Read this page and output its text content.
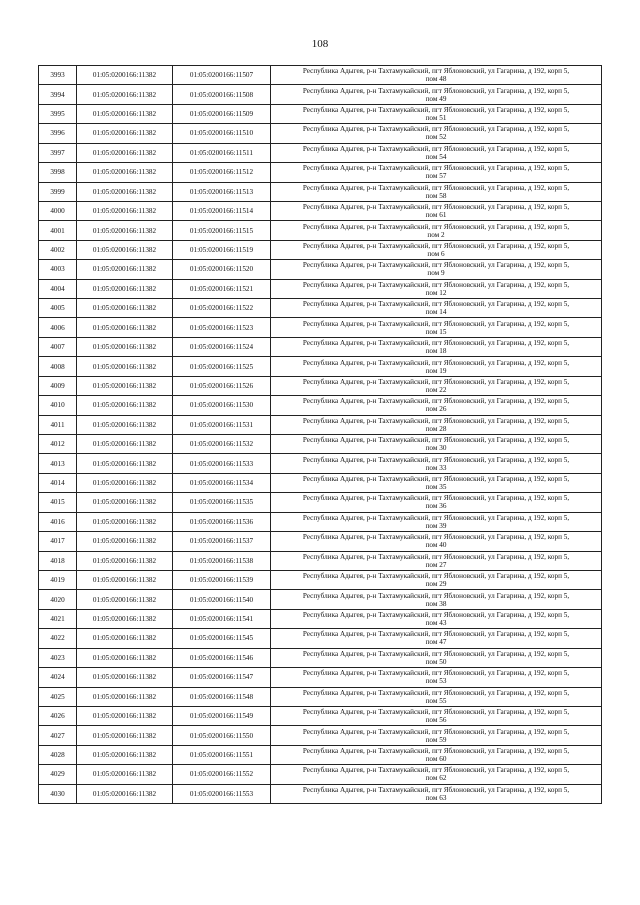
108
3993	01:05:0200166:11382	01:05:0200166:11507	Республика Адыгея, р-н Тахтамукайский, пгт Яблоновский, ул Гагарина, д 192, корп 5,
пом 48

3994	01:05:0200166:11382	01:05:0200166:11508	Республика Адыгея, р-н Тахтамукайский, пгт Яблоновский, ул Гагарина, д 192, корп 5,
пом 49

3995	01:05:0200166:11382	01:05:0200166:11509	Республика Адыгея, р-н Тахтамукайский, пгт Яблоновский, ул Гагарина, д 192, корп 5,
пом 51

3996	01:05:0200166:11382	01:05:0200166:11510	Республика Адыгея, р-н Тахтамукайский, пгт Яблоновский, ул Гагарина, д 192, корп 5,
пом 52

3997	01:05:0200166:11382	01:05:0200166:11511	Республика Адыгея, р-н Тахтамукайский, пгт Яблоновский, ул Гагарина, д 192, корп 5,
пом 54

3998	01:05:0200166:11382	01:05:0200166:11512	Республика Адыгея, р-н Тахтамукайский, пгт Яблоновский, ул Гагарина, д 192, корп 5,
пом 57

3999	01:05:0200166:11382	01:05:0200166:11513	Республика Адыгея, р-н Тахтамукайский, пгт Яблоновский, ул Гагарина, д 192, корп 5,
пом 58

4000	01:05:0200166:11382	01:05:0200166:11514	Республика Адыгея, р-н Тахтамукайский, пгт Яблоновский, ул Гагарина, д 192, корп 5,
пом 61

4001	01:05:0200166:11382	01:05:0200166:11515	Республика Адыгея, р-н Тахтамукайский, пгт Яблоновский, ул Гагарина, д 192, корп 5,
пом 2

4002	01:05:0200166:11382	01:05:0200166:11519	Республика Адыгея, р-н Тахтамукайский, пгт Яблоновский, ул Гагарина, д 192, корп 5,
пом 6

4003	01:05:0200166:11382	01:05:0200166:11520	Республика Адыгея, р-н Тахтамукайский, пгт Яблоновский, ул Гагарина, д 192, корп 5,
пом 9

4004	01:05:0200166:11382	01:05:0200166:11521	Республика Адыгея, р-н Тахтамукайский, пгт Яблоновский, ул Гагарина, д 192, корп 5,
пом 12

4005	01:05:0200166:11382	01:05:0200166:11522	Республика Адыгея, р-н Тахтамукайский, пгт Яблоновский, ул Гагарина, д 192, корп 5,
пом 14

4006	01:05:0200166:11382	01:05:0200166:11523	Республика Адыгея, р-н Тахтамукайский, пгт Яблоновский, ул Гагарина, д 192, корп 5,
пом 15

4007	01:05:0200166:11382	01:05:0200166:11524	Республика Адыгея, р-н Тахтамукайский, пгт Яблоновский, ул Гагарина, д 192, корп 5,
пом 18

4008	01:05:0200166:11382	01:05:0200166:11525	Республика Адыгея, р-н Тахтамукайский, пгт Яблоновский, ул Гагарина, д 192, корп 5,
пом 19

4009	01:05:0200166:11382	01:05:0200166:11526	Республика Адыгея, р-н Тахтамукайский, пгт Яблоновский, ул Гагарина, д 192, корп 5,
пом 22

4010	01:05:0200166:11382	01:05:0200166:11530	Республика Адыгея, р-н Тахтамукайский, пгт Яблоновский, ул Гагарина, д 192, корп 5,
пом 26

4011	01:05:0200166:11382	01:05:0200166:11531	Республика Адыгея, р-н Тахтамукайский, пгт Яблоновский, ул Гагарина, д 192, корп 5,
пом 28

4012	01:05:0200166:11382	01:05:0200166:11532	Республика Адыгея, р-н Тахтамукайский, пгт Яблоновский, ул Гагарина, д 192, корп 5,
пом 30

4013	01:05:0200166:11382	01:05:0200166:11533	Республика Адыгея, р-н Тахтамукайский, пгт Яблоновский, ул Гагарина, д 192, корп 5,
пом 33

4014	01:05:0200166:11382	01:05:0200166:11534	Республика Адыгея, р-н Тахтамукайский, пгт Яблоновский, ул Гагарина, д 192, корп 5,
пом 35

4015	01:05:0200166:11382	01:05:0200166:11535	Республика Адыгея, р-н Тахтамукайский, пгт Яблоновский, ул Гагарина, д 192, корп 5,
пом 36

4016	01:05:0200166:11382	01:05:0200166:11536	Республика Адыгея, р-н Тахтамукайский, пгт Яблоновский, ул Гагарина, д 192, корп 5,
пом 39

4017	01:05:0200166:11382	01:05:0200166:11537	Республика Адыгея, р-н Тахтамукайский, пгт Яблоновский, ул Гагарина, д 192, корп 5,
пом 40

4018	01:05:0200166:11382	01:05:0200166:11538	Республика Адыгея, р-н Тахтамукайский, пгт Яблоновский, ул Гагарина, д 192, корп 5,
пом 27

4019	01:05:0200166:11382	01:05:0200166:11539	Республика Адыгея, р-н Тахтамукайский, пгт Яблоновский, ул Гагарина, д 192, корп 5,
пом 29

4020	01:05:0200166:11382	01:05:0200166:11540	Республика Адыгея, р-н Тахтамукайский, пгт Яблоновский, ул Гагарина, д 192, корп 5,
пом 38

4021	01:05:0200166:11382	01:05:0200166:11541	Республика Адыгея, р-н Тахтамукайский, пгт Яблоновский, ул Гагарина, д 192, корп 5,
пом 43

4022	01:05:0200166:11382	01:05:0200166:11545	Республика Адыгея, р-н Тахтамукайский, пгт Яблоновский, ул Гагарина, д 192, корп 5,
пом 47

4023	01:05:0200166:11382	01:05:0200166:11546	Республика Адыгея, р-н Тахтамукайский, пгт Яблоновский, ул Гагарина, д 192, корп 5,
пом 50

4024	01:05:0200166:11382	01:05:0200166:11547	Республика Адыгея, р-н Тахтамукайский, пгт Яблоновский, ул Гагарина, д 192, корп 5,
пом 53

4025	01:05:0200166:11382	01:05:0200166:11548	Республика Адыгея, р-н Тахтамукайский, пгт Яблоновский, ул Гагарина, д 192, корп 5,
пом 55

4026	01:05:0200166:11382	01:05:0200166:11549	Республика Адыгея, р-н Тахтамукайский, пгт Яблоновский, ул Гагарина, д 192, корп 5,
пом 56

4027	01:05:0200166:11382	01:05:0200166:11550	Республика Адыгея, р-н Тахтамукайский, пгт Яблоновский, ул Гагарина, д 192, корп 5,
пом 59

4028	01:05:0200166:11382	01:05:0200166:11551	Республика Адыгея, р-н Тахтамукайский, пгт Яблоновский, ул Гагарина, д 192, корп 5,
пом 60

4029	01:05:0200166:11382	01:05:0200166:11552	Республика Адыгея, р-н Тахтамукайский, пгт Яблоновский, ул Гагарина, д 192, корп 5,
пом 62

4030	01:05:0200166:11382	01:05:0200166:11553	Республика Адыгея, р-н Тахтамукайский, пгт Яблоновский, ул Гагарина, д 192, корп 5,
пом 63
